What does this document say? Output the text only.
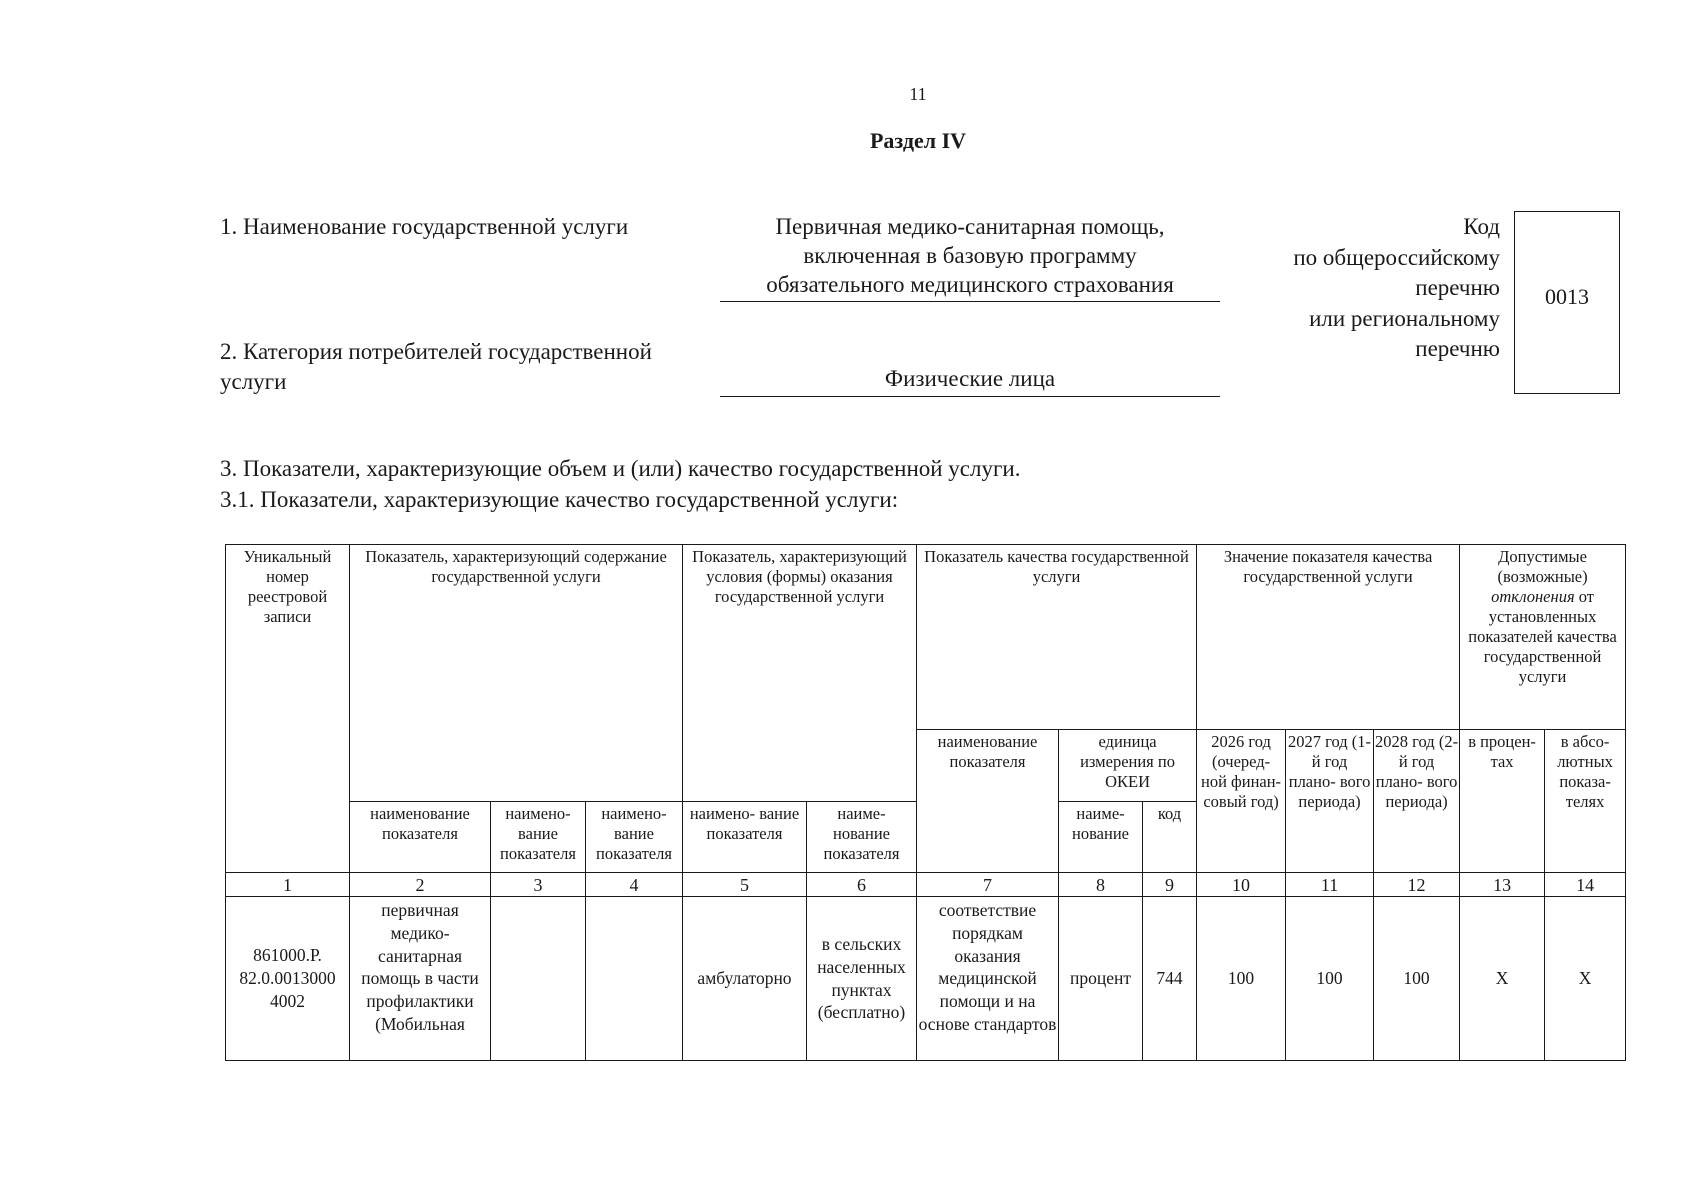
11
Раздел IV
1. Наименование государственной услуги	Первичная медико-санитарная помощь,
включенная в базовую программу
обязательного медицинского страхования
2. Категория потребителей государственной
услуги	Физические лица
Код
по общероссийскому
перечню
или региональному
перечню
0013
3. Показатели, характеризующие объем и (или) качество государственной услуги.
3.1. Показатели, характеризующие качество государственной услуги:
Уникальный номер реестровой записи	Показатель, характеризующий содержание государственной услуги			Показатель, характеризующий условия (формы) оказания государственной услуги		Показатель качества государственной услуги			Значение показателя качества государственной услуги			Допустимые (возможные) отклонения от установленных показателей качества государственной услуги	
						наименование показателя	единица измерения по ОКЕИ		2026 год (очеред- ной финан- совый год)	2027 год (1-й год плано- вого периода)	2028 год (2-й год плано- вого периода)	в процен- тах	в абсо- лютных показа- телях
	наименование показателя	наимено- вание показателя	наимено- вание показателя	наимено- вание показателя	наиме- нование показателя		наиме- нование	код					
1	2	3	4	5	6	7	8	9	10	11	12	13	14
861000.Р. 82.0.0013000 4002	первичная медико- санитарная помощь в части профилактики (Мобильная			амбулаторно	в сельских населенных пунктах (бесплатно)	соответствие порядкам оказания медицинской помощи и на основе стандартов	процент	744	100	100	100	Х	Х
